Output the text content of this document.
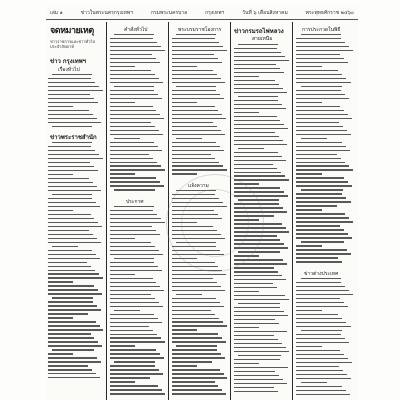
เล่ม ๑	ข่าวในพระนครกรุงเทพฯ	กรมพระนครบาล	กรุงเทพฯ	วันที่ ๖ เดือนสิงหาคม	พระพุทธศักราช ๒๔๖๐
จดหมายเหตุ
ข่าวราชการและข่าวทั่วไปประจำสัปดาห์
ข่าว กรุงเทพฯ
เรื่องทั่วไป
ข่าวพระราชสำนัก
คำสั่งทั่วไป
ประกาศ
พระบรมราชโองการ
แจ้งความ
ข่าวกรมรถไฟหลวง
สายเหนือ
การประกวดในพิธี
ข่าวต่างประเทศ
